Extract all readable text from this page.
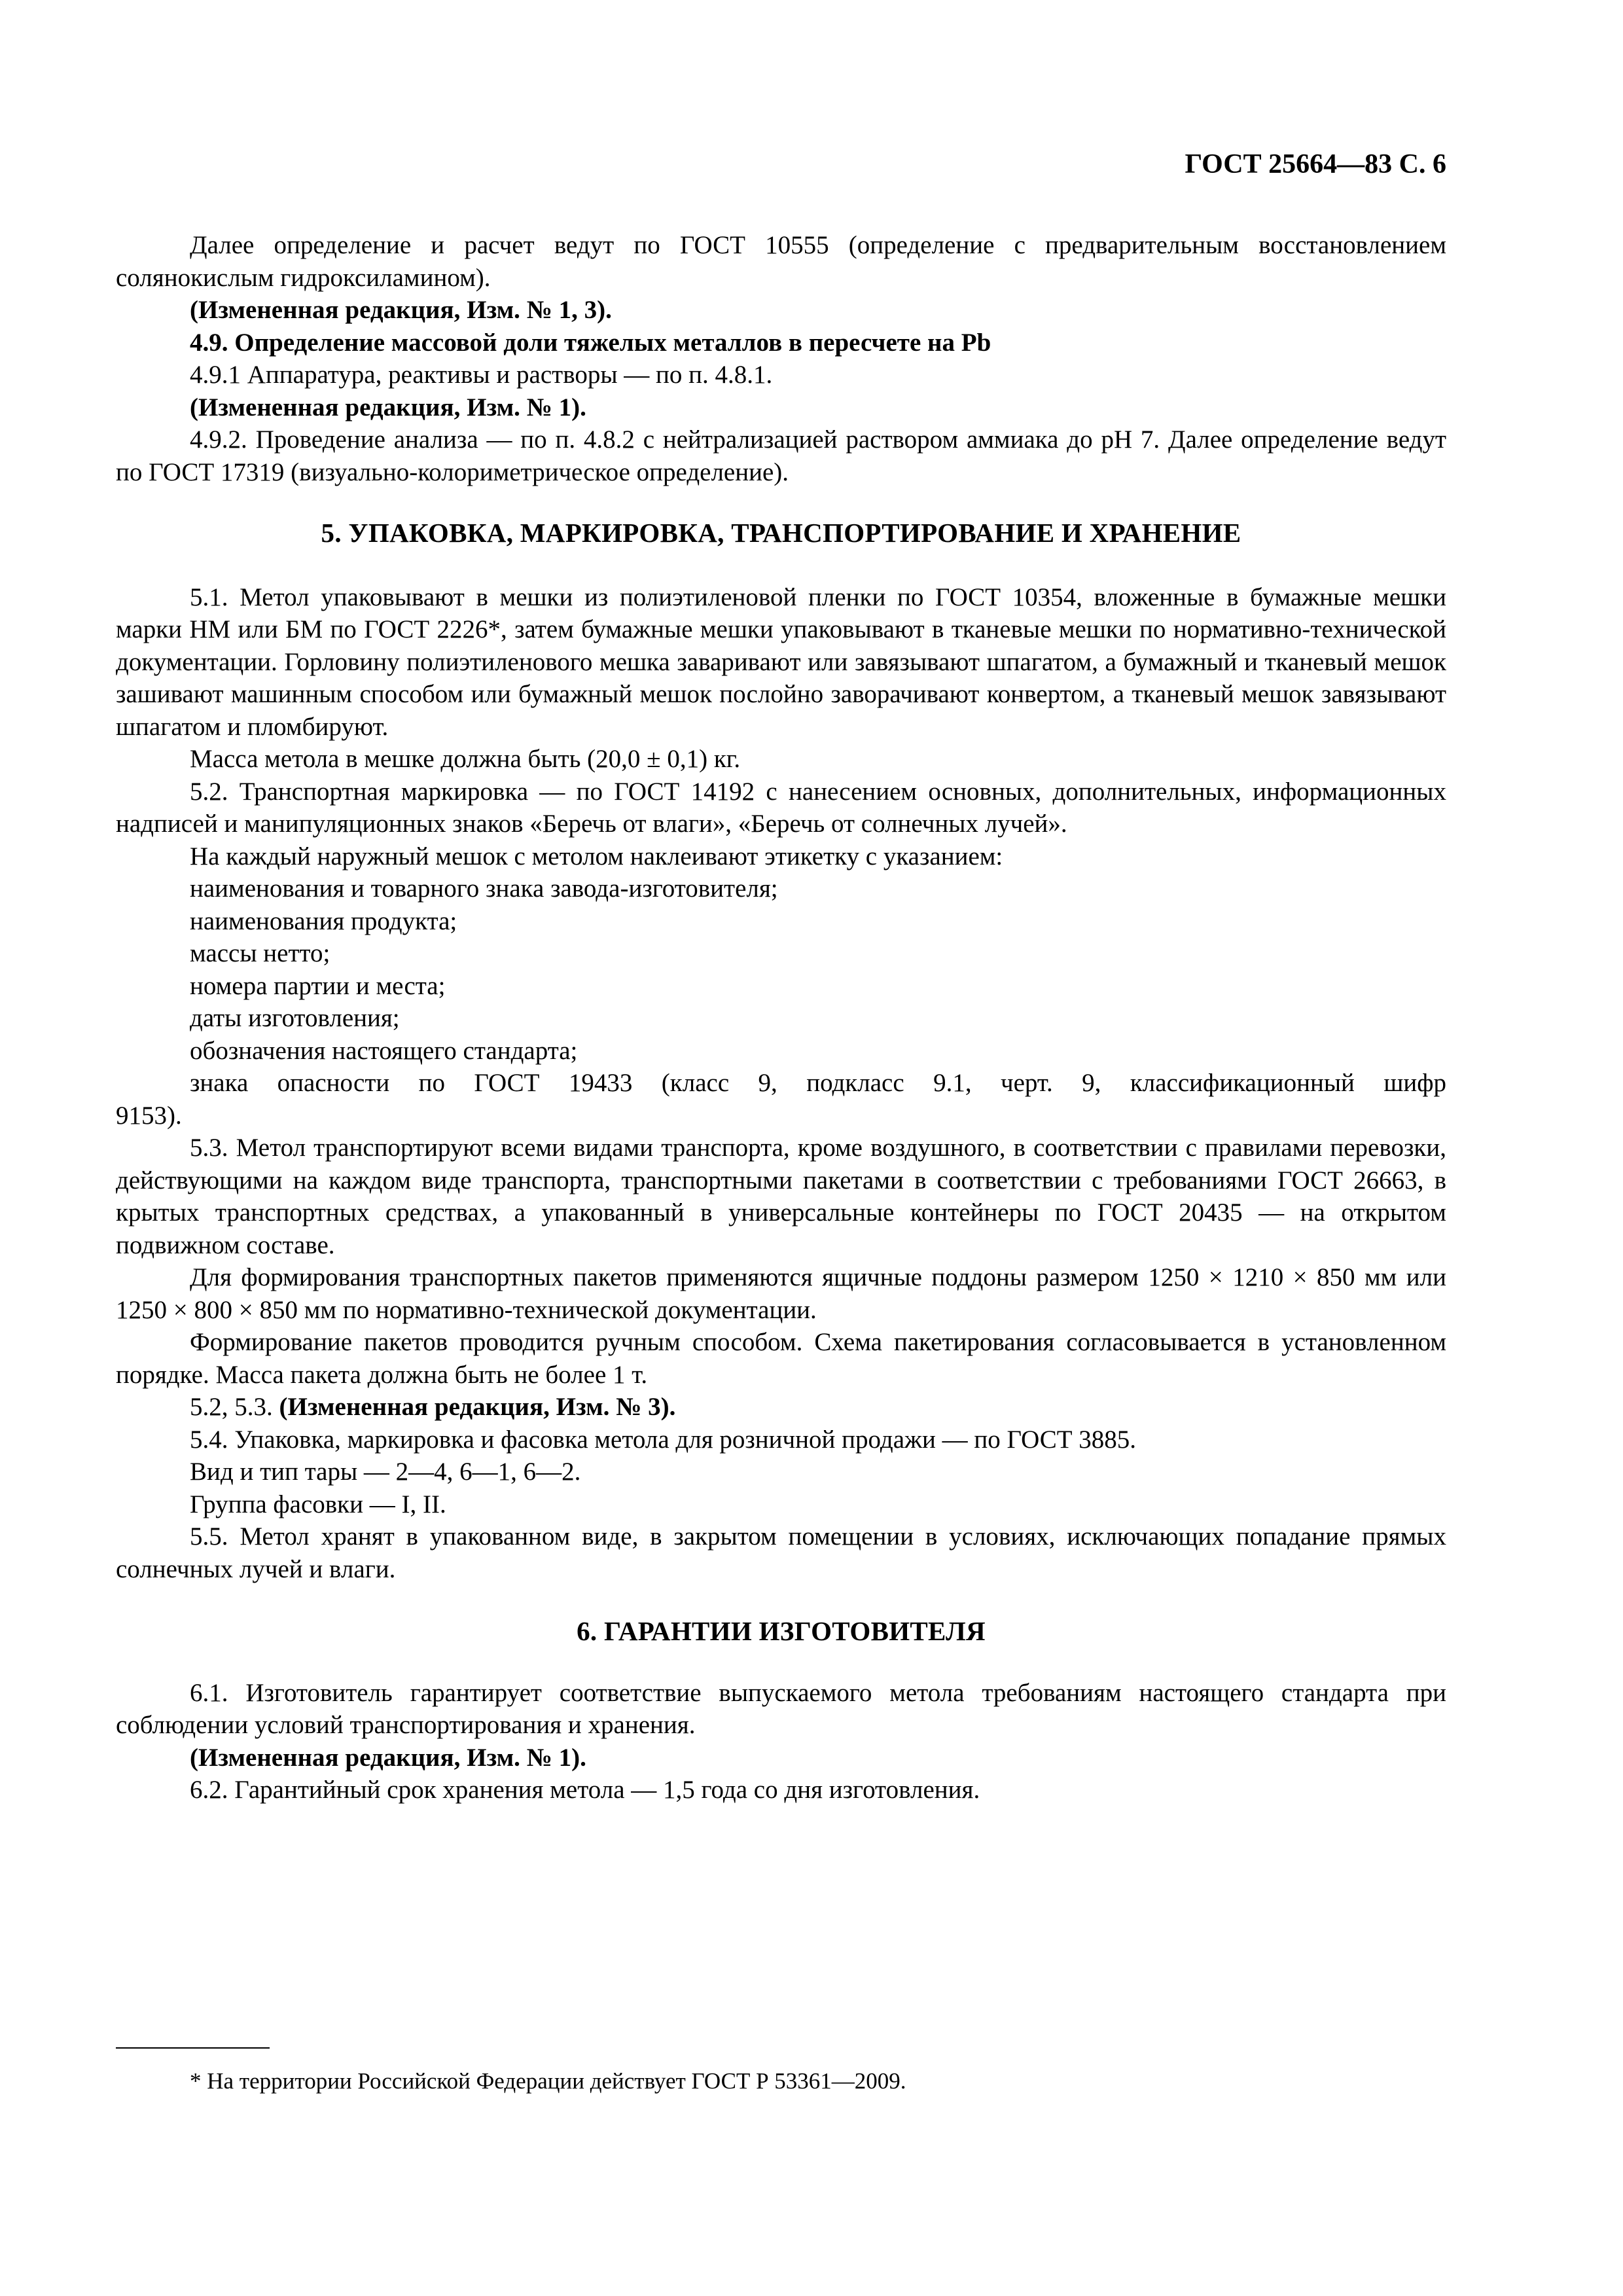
ГОСТ 25664—83 С. 6

Далее определение и расчет ведут по ГОСТ 10555 (определение с предварительным восстановлением солянокислым гидроксиламином).

(Измененная редакция, Изм. № 1, 3).

4.9. Определение массовой доли тяжелых металлов в пересчете на Pb

4.9.1 Аппаратура, реактивы и растворы — по п. 4.8.1.

(Измененная редакция, Изм. № 1).

4.9.2. Проведение анализа — по п. 4.8.2 с нейтрализацией раствором аммиака до pH 7. Далее определение ведут по ГОСТ 17319 (визуально-колориметрическое определение).

5. УПАКОВКА, МАРКИРОВКА, ТРАНСПОРТИРОВАНИЕ И ХРАНЕНИЕ

5.1. Метол упаковывают в мешки из полиэтиленовой пленки по ГОСТ 10354, вложенные в бумажные мешки марки НМ или БМ по ГОСТ 2226*, затем бумажные мешки упаковывают в тканевые мешки по нормативно-технической документации. Горловину полиэтиленового мешка заваривают или завязывают шпагатом, а бумажный и тканевый мешок зашивают машинным способом или бумажный мешок послойно заворачивают конвертом, а тканевый мешок завязывают шпагатом и пломбируют.

Масса метола в мешке должна быть (20,0 ± 0,1) кг.

5.2. Транспортная маркировка — по ГОСТ 14192 с нанесением основных, дополнительных, информационных надписей и манипуляционных знаков «Беречь от влаги», «Беречь от солнечных лучей».

На каждый наружный мешок с метолом наклеивают этикетку с указанием:

наименования и товарного знака завода-изготовителя;

наименования продукта;

массы нетто;

номера партии и места;

даты изготовления;

обозначения настоящего стандарта;

знака опасности по ГОСТ 19433 (класс 9, подкласс 9.1, черт. 9, классификационный шифр

9153).

5.3. Метол транспортируют всеми видами транспорта, кроме воздушного, в соответствии с правилами перевозки, действующими на каждом виде транспорта, транспортными пакетами в соответствии с требованиями ГОСТ 26663, в крытых транспортных средствах, а упакованный в универсальные контейнеры по ГОСТ 20435 — на открытом подвижном составе.

Для формирования транспортных пакетов применяются ящичные поддоны размером 1250 × 1210 × 850 мм или 1250 × 800 × 850 мм по нормативно-технической документации.

Формирование пакетов проводится ручным способом. Схема пакетирования согласовывается в установленном порядке. Масса пакета должна быть не более 1 т.

5.2, 5.3. (Измененная редакция, Изм. № 3).

5.4. Упаковка, маркировка и фасовка метола для розничной продажи — по ГОСТ 3885.

Вид и тип тары — 2—4, 6—1, 6—2.

Группа фасовки — I, II.

5.5. Метол хранят в упакованном виде, в закрытом помещении в условиях, исключающих попадание прямых солнечных лучей и влаги.

6. ГАРАНТИИ ИЗГОТОВИТЕЛЯ

6.1. Изготовитель гарантирует соответствие выпускаемого метола требованиям настоящего стандарта при соблюдении условий транспортирования и хранения.

(Измененная редакция, Изм. № 1).

6.2. Гарантийный срок хранения метола — 1,5 года со дня изготовления.

* На территории Российской Федерации действует ГОСТ Р 53361—2009.
